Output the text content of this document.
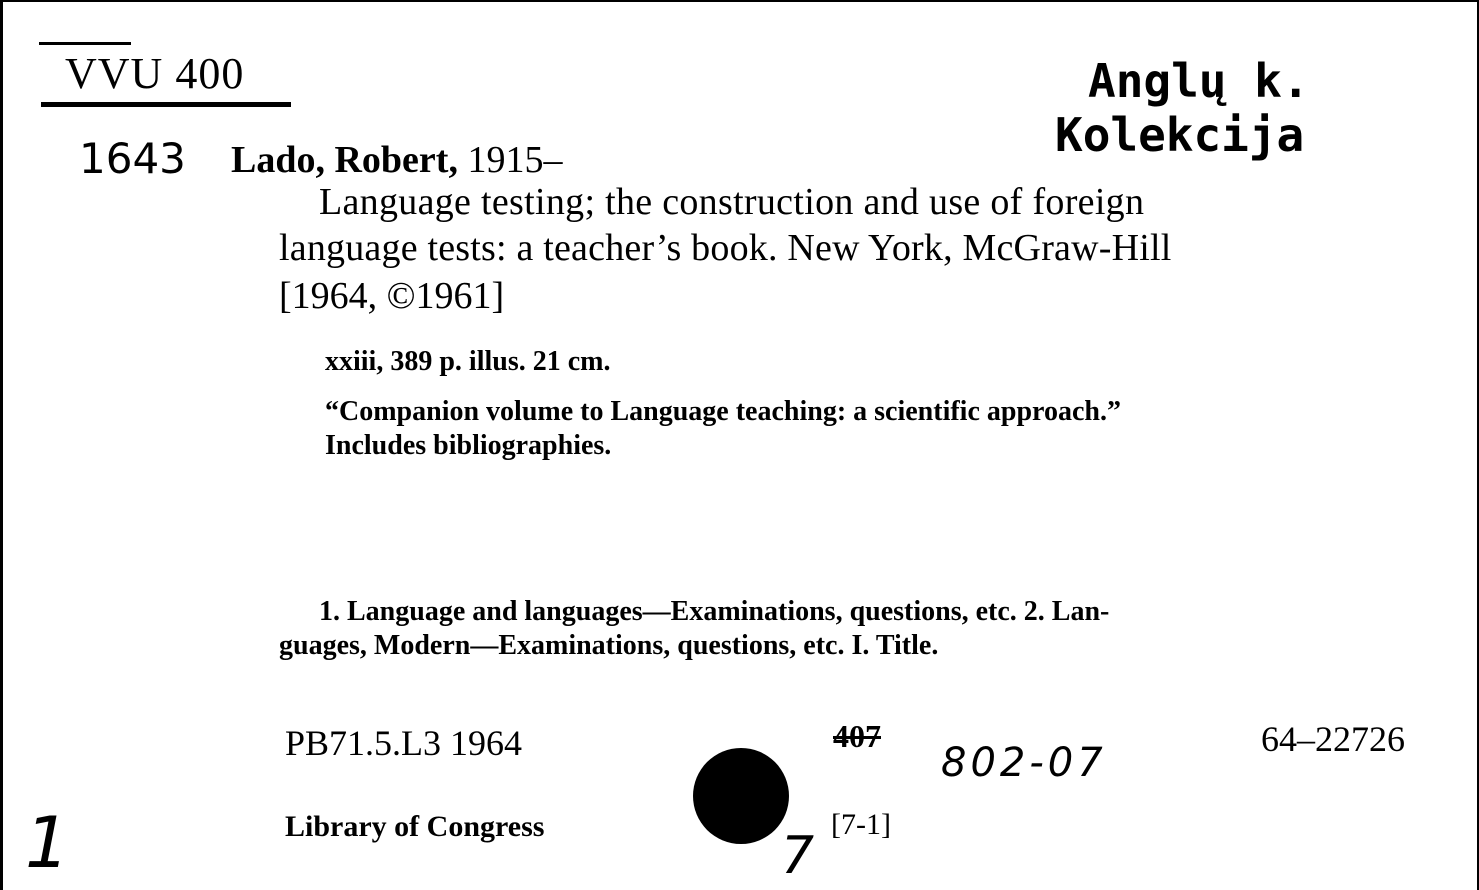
VVU 400	Anglų k.
Kolekcija
1643 Lado, Robert, 1915–
Language testing; the construction and use of foreign
language tests: a teacher’s book. New York, McGraw-Hill
[1964, ©1961]
xxiii, 389 p. illus. 21 cm.
“Companion volume to Language teaching: a scientific approach.”
Includes bibliographies.
1. Language and languages—Examinations, questions, etc. 2. Lan-
guages, Modern—Examinations, questions, etc. I. Title.
PB71.5.L3 1964	407
802-07
64–22726
Library of Congress	[7-1]
1	7
